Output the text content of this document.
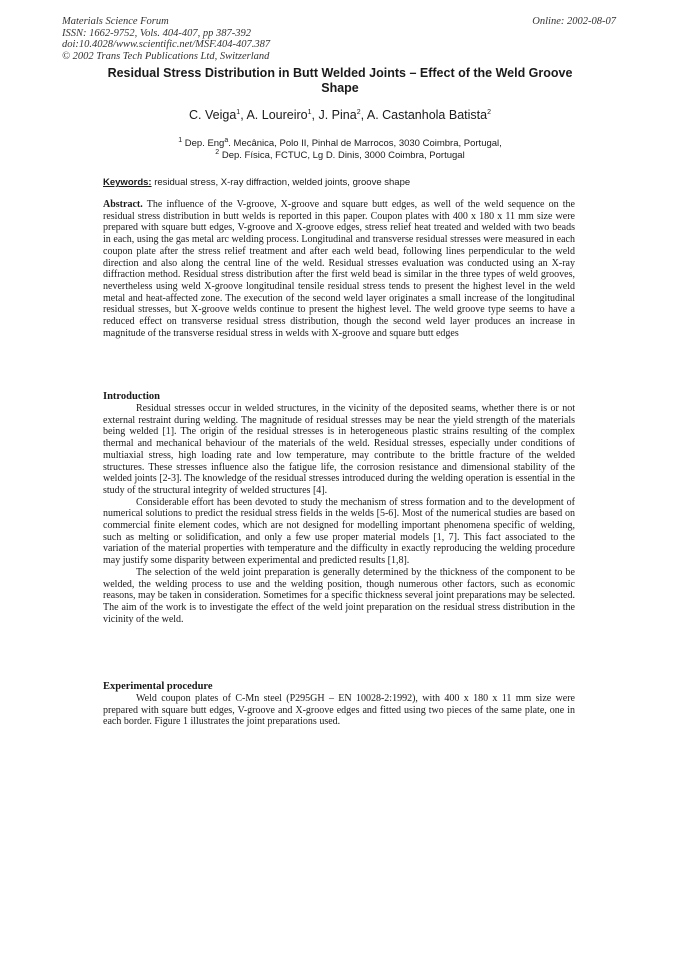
Materials Science Forum
ISSN: 1662-9752, Vols. 404-407, pp 387-392
doi:10.4028/www.scientific.net/MSF.404-407.387
© 2002 Trans Tech Publications Ltd, Switzerland
Online: 2002-08-07
Residual Stress Distribution in Butt Welded Joints – Effect of the Weld Groove Shape
C. Veiga$^1$, A. Loureiro$^1$, J. Pina$^2$, A. Castanhola Batista$^2$
$^1$ Dep. Eng$^a$. Mecânica, Polo II, Pinhal de Marrocos, 3030 Coimbra, Portugal,
$^2$ Dep. Física, FCTUC, Lg D. Dinis, 3000 Coimbra, Portugal
Keywords: residual stress, X-ray diffraction, welded joints, groove shape
Abstract. The influence of the V-groove, X-groove and square butt edges, as well of the weld sequence on the residual stress distribution in butt welds is reported in this paper. Coupon plates with 400 x 180 x 11 mm size were prepared with square butt edges, V-groove and X-groove edges, stress relief heat treated and welded with two beads in each, using the gas metal arc welding process. Longitudinal and transverse residual stresses were measured in each coupon plate after the stress relief treatment and after each weld bead, following lines perpendicular to the weld direction and also along the central line of the weld. Residual stresses evaluation was conducted using an X-ray diffraction method. Residual stress distribution after the first weld bead is similar in the three types of weld grooves, nevertheless using weld X-groove longitudinal tensile residual stress tends to present the highest level in the weld metal and heat-affected zone. The execution of the second weld layer originates a small increase of the longitudinal residual stresses, but X-groove welds continue to present the highest level. The weld groove type seems to have a reduced effect on transverse residual stress distribution, though the second weld layer produces an increase in magnitude of the transverse residual stress in welds with X-groove and square butt edges
Introduction

Residual stresses occur in welded structures, in the vicinity of the deposited seams, whether there is or not external restraint during welding. The magnitude of residual stresses may be near the yield strength of the materials being welded [1]. The origin of the residual stresses is in heterogeneous plastic strains resulting of the complex thermal and mechanical behaviour of the materials of the weld. Residual stresses, especially under conditions of multiaxial stress, high loading rate and low temperature, may contribute to the brittle fracture of the welded structures. These stresses influence also the fatigue life, the corrosion resistance and dimensional stability of the welded joints [2-3]. The knowledge of the residual stresses introduced during the welding operation is essential in the study of the structural integrity of welded structures [4].

Considerable effort has been devoted to study the mechanism of stress formation and to the development of numerical solutions to predict the residual stress fields in the welds [5-6]. Most of the numerical studies are based on commercial finite element codes, which are not designed for modelling important phenomena specific of welding, such as melting or solidification, and only a few use proper material models [1, 7]. This fact associated to the variation of the material properties with temperature and the difficulty in exactly reproducing the welding procedure may justify some disparity between experimental and predicted results [1,8].

The selection of the weld joint preparation is generally determined by the thickness of the component to be welded, the welding process to use and the welding position, though numerous other factors, such as economic reasons, may be taken in consideration. Sometimes for a specific thickness several joint preparations may be selected. The aim of the work is to investigate the effect of the weld joint preparation on the residual stress distribution in the vicinity of the weld.

Experimental procedure

Weld coupon plates of C-Mn steel (P295GH – EN 10028-2:1992), with 400 x 180 x 11 mm size were prepared with square butt edges, V-groove and X-groove edges and fitted using two pieces of the same plate, one in each border. Figure 1 illustrates the joint preparations used.
